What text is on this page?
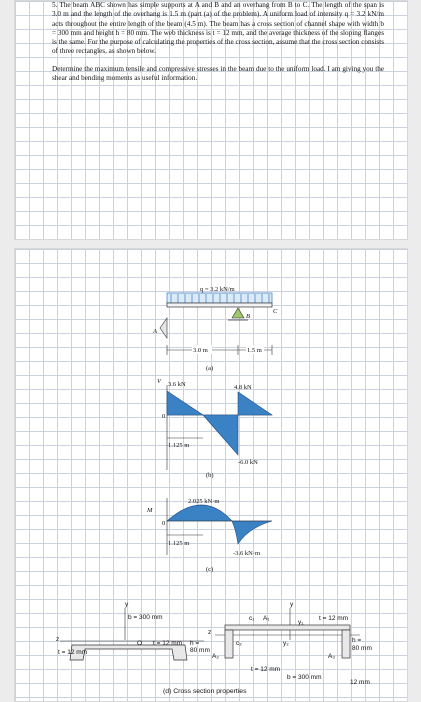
5. The beam ABC shown has simple supports at A and B and an overhang from B to C. The length of the span is 3.0 m and the length of the overhang is 1.5 m (part (a) of the problem). A uniform load of intensity q = 3.2 kN/m acts throughout the entire length of the beam (4.5 m). The beam has a cross section of channel shape with width b = 300 mm and height h = 80 mm. The web thickness is t = 12 mm, and the average thickness of the sloping flanges is the same. For the purpose of calculating the properties of the cross section, assume that the cross section consists of three rectangles, as shown below.

Determine the maximum tensile and compressive stresses in the beam due to the uniform load. I am giving you the shear and bending moments as useful information.

q = 3.2 kN/m
A
B
C
3.0 m	1.5 m
(a)
V 3.6 kN
0
1.125 m
4.8 kN
-6.0 kN
(b)
M
0
2.025 kN·m
1.125 m
-3.6 kN·m
(c)
y
z
b = 300 mm
O t = 12 mm
t = 12 mm	80 mm
h =
y
z
c₁ A₁
y₁
t = 12 mm
c₂
A₂	A₃
y₂	h =
80 mm
t = 12 mm
b = 300 mm
12 mm
(d) Cross section properties
